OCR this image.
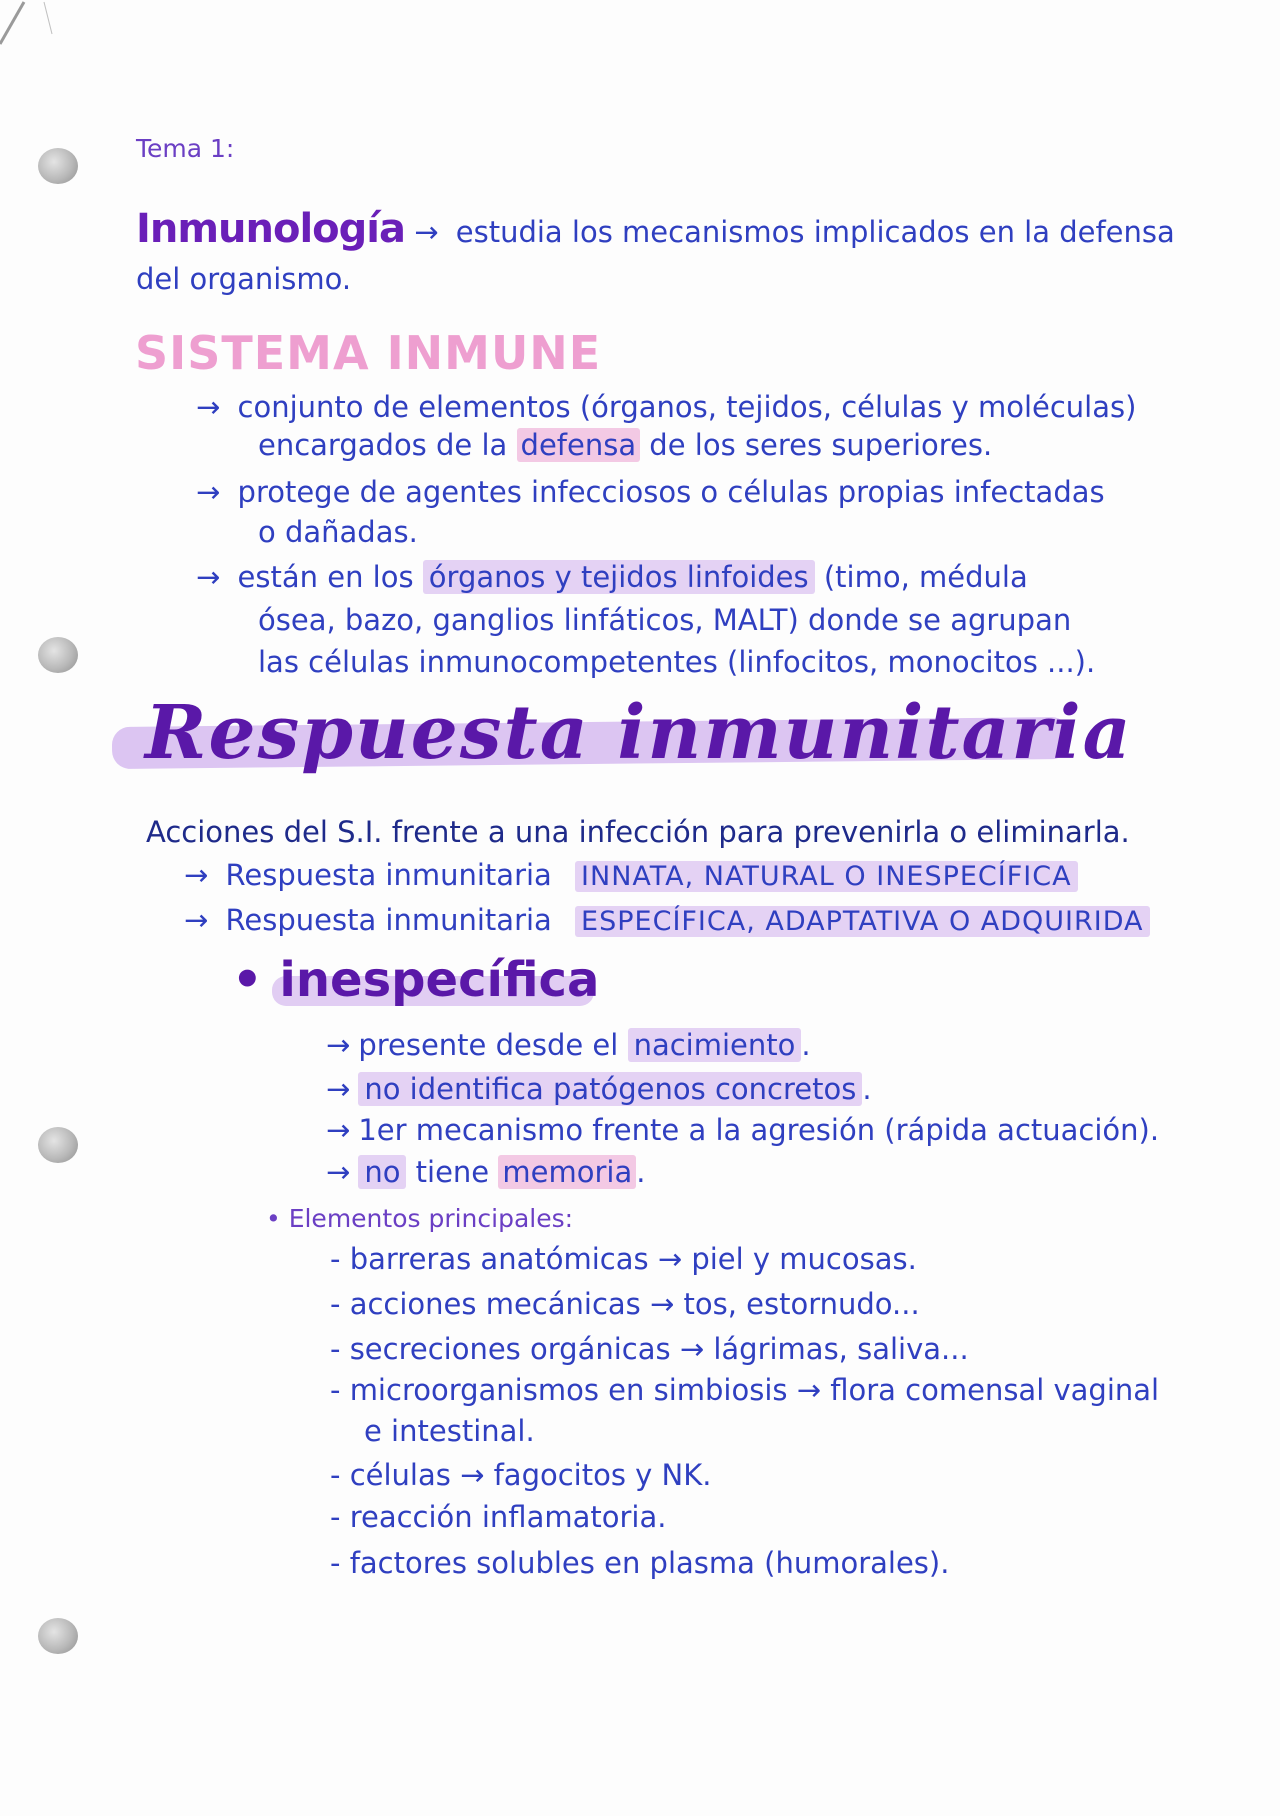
Tema 1:
Inmunología → estudia los mecanismos implicados en la defensa
del organismo.
SISTEMA INMUNE
→ conjunto de elementos (órganos, tejidos, células y moléculas)
encargados de la defensa de los seres superiores.
→ protege de agentes infecciosos o células propias infectadas
o dañadas.
→ están en los órganos y tejidos linfoides (timo, médula
ósea, bazo, ganglios linfáticos, MALT) donde se agrupan
las células inmunocompetentes (linfocitos, monocitos ...).
Respuesta inmunitaria
Acciones del S.I. frente a una infección para prevenirla o eliminarla.
→ Respuesta inmunitaria INNATA, NATURAL O INESPECÍFICA
→ Respuesta inmunitaria ESPECÍFICA, ADAPTATIVA O ADQUIRIDA
• inespecífica
→ presente desde el nacimiento .
→ no identifica patógenos concretos .
→ 1er mecanismo frente a la agresión (rápida actuación).
→ no tiene memoria .
• Elementos principales:
- barreras anatómicas → piel y mucosas.
- acciones mecánicas → tos, estornudo...
- secreciones orgánicas → lágrimas, saliva...
- microorganismos en simbiosis → flora comensal vaginal
e intestinal.
- células → fagocitos y NK.
- reacción inflamatoria.
- factores solubles en plasma (humorales).
